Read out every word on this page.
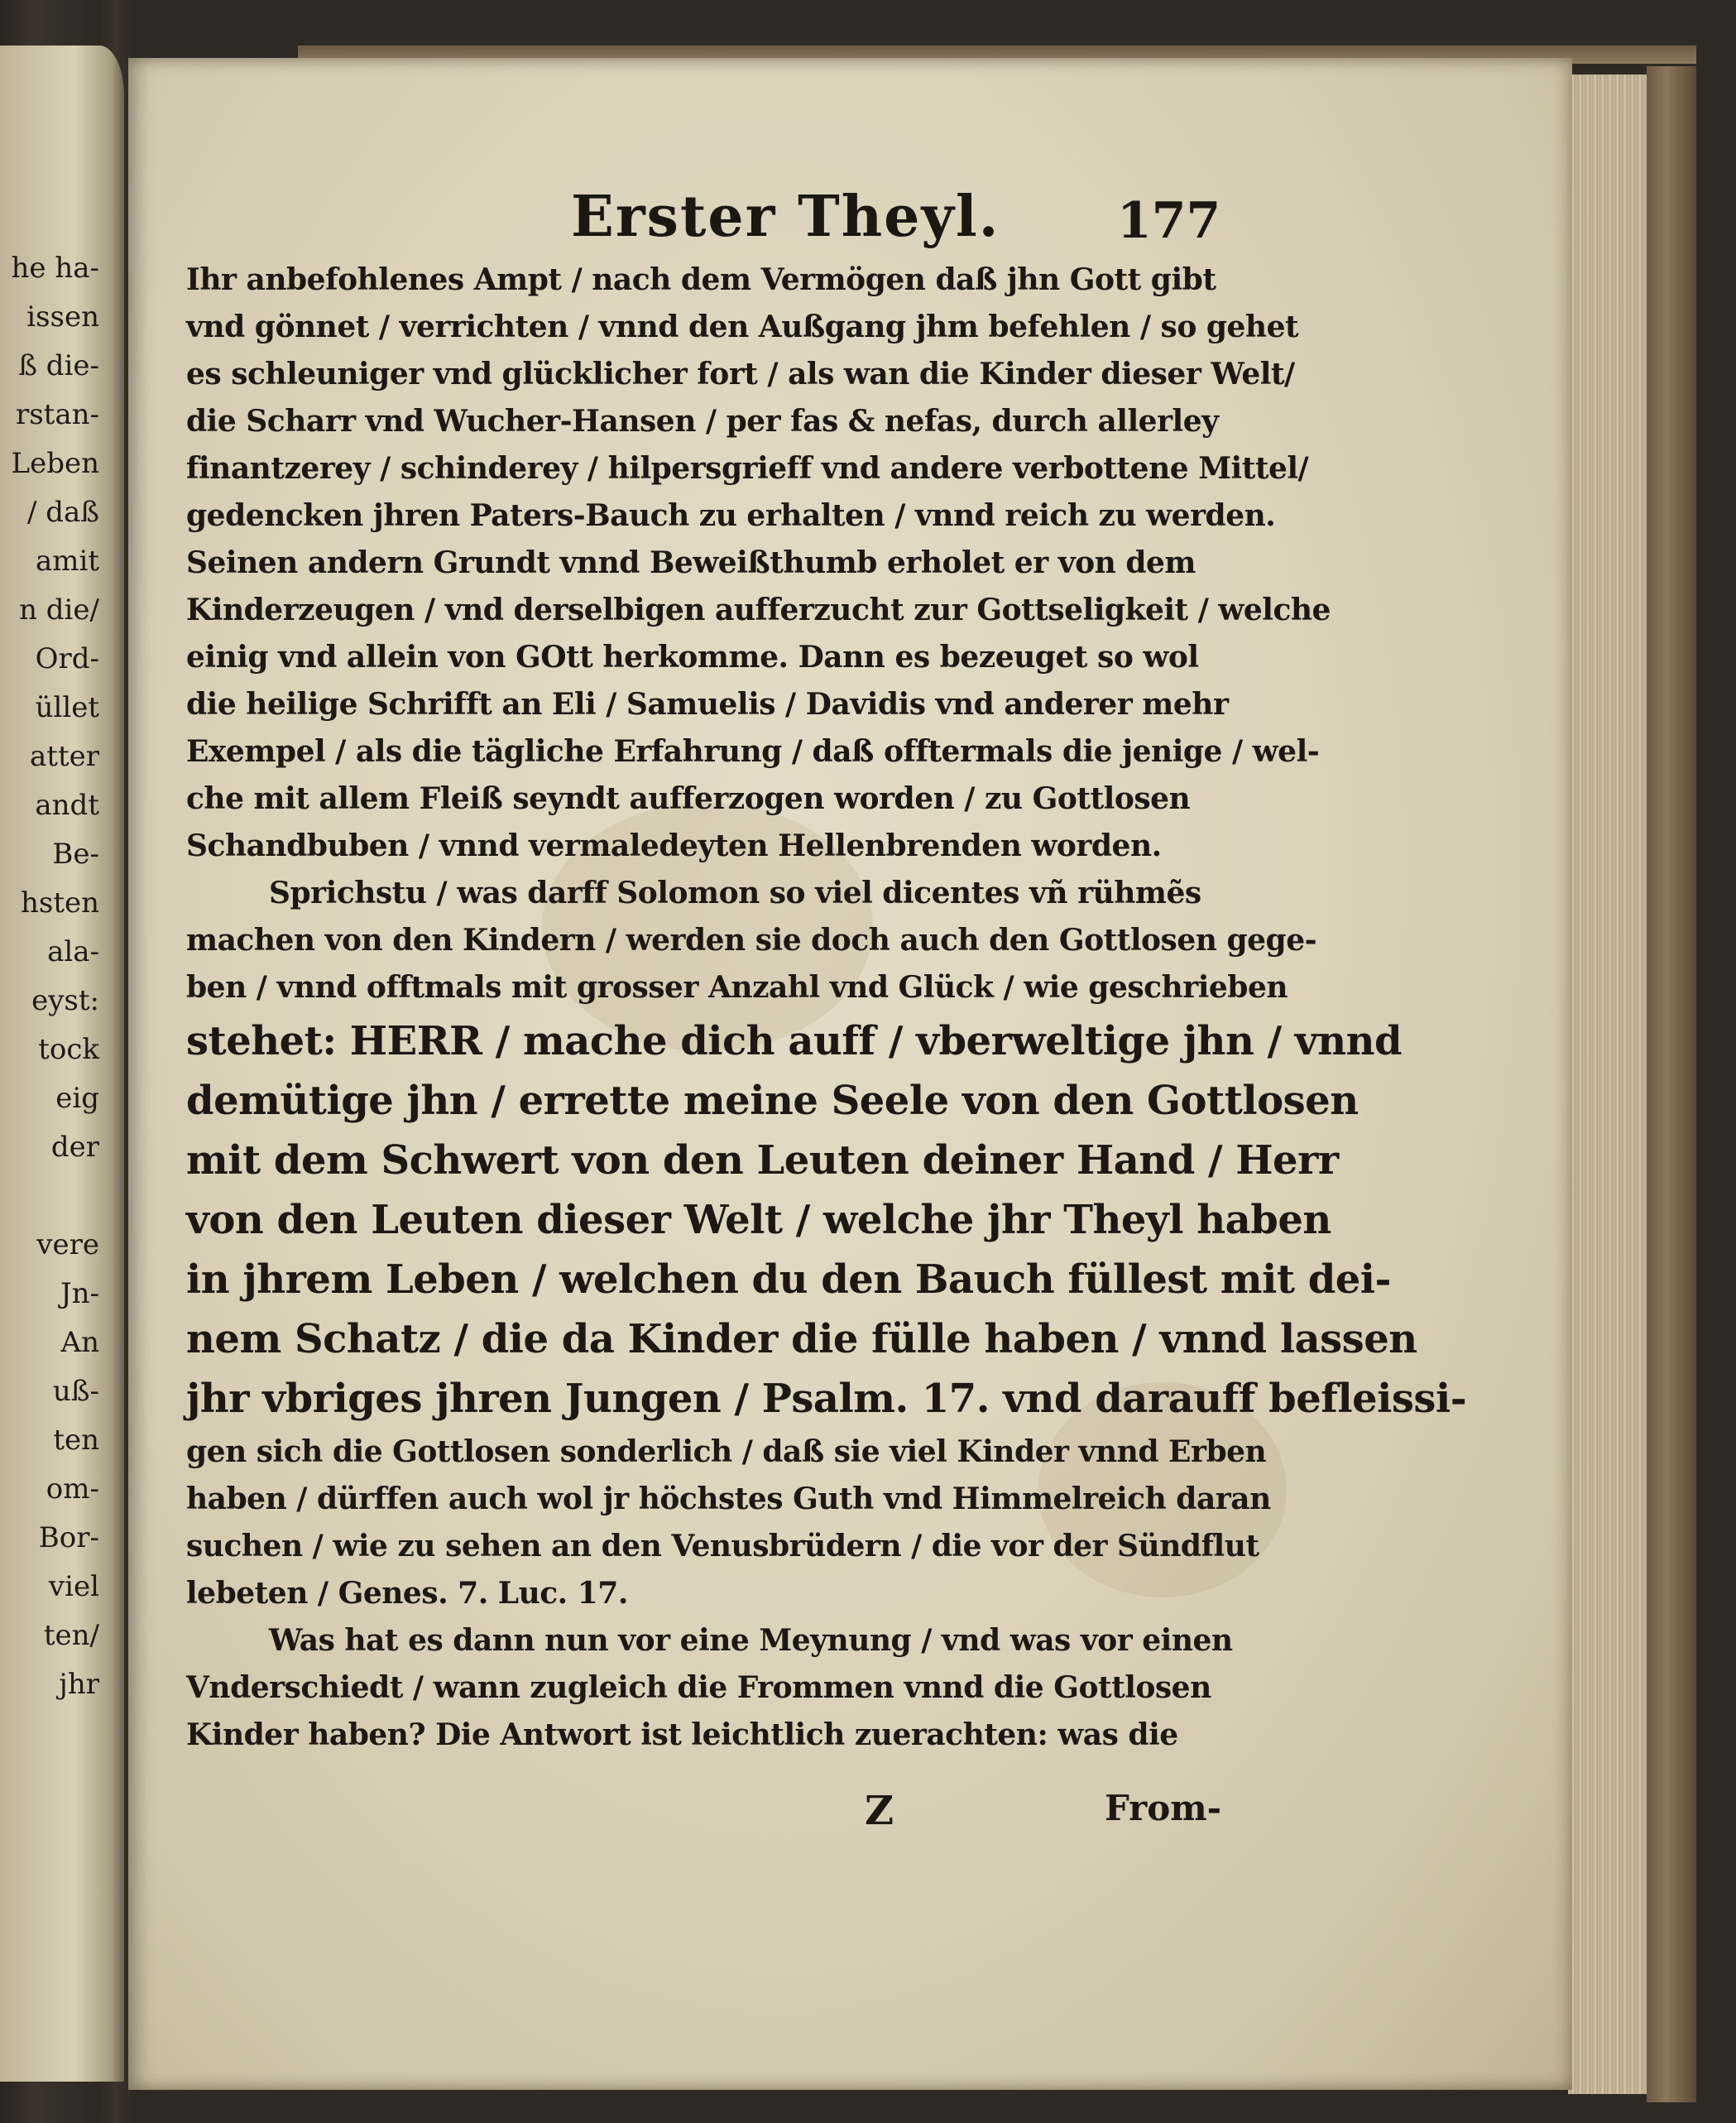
he ha-
issen
ß die-
rstan-
Leben
/ daß
amit
n die/
Ord-
üllet
atter
andt
Be-
hsten
ala-
eyst:
tock
eig
der
vere
Jn-
An
uß-
ten
om-
Bor-
viel
ten/
jhr
Erster Theyl. 177
Ihr anbefohlenes Ampt / nach dem Vermögen daß jhn Gott gibt
vnd gönnet / verrichten / vnnd den Außgang jhm befehlen / so gehet
es schleuniger vnd glücklicher fort / als wan die Kinder dieser Welt/
die Scharr vnd Wucher-Hansen / per fas & nefas, durch allerley
finantzerey / schinderey / hilpersgrieff vnd andere verbottene Mittel/
gedencken jhren Paters-Bauch zu erhalten / vnnd reich zu werden.
Seinen andern Grundt vnnd Beweißthumb erholet er von dem
Kinderzeugen / vnd derselbigen aufferzucht zur Gottseligkeit / welche
einig vnd allein von GOtt herkomme. Dann es bezeuget so wol
die heilige Schrifft an Eli / Samuelis / Davidis vnd anderer mehr
Exempel / als die tägliche Erfahrung / daß offtermals die jenige / wel-
che mit allem Fleiß seyndt aufferzogen worden / zu Gottlosen
Schandbuben / vnnd vermaledeyten Hellenbrenden worden.
Sprichstu / was darff Solomon so viel dicentes vñ rühmẽs
machen von den Kindern / werden sie doch auch den Gottlosen gege-
ben / vnnd offtmals mit grosser Anzahl vnd Glück / wie geschrieben
stehet: HERR / mache dich auff / vberweltige jhn / vnnd
demütige jhn / errette meine Seele von den Gottlosen
mit dem Schwert von den Leuten deiner Hand / Herr
von den Leuten dieser Welt / welche jhr Theyl haben
in jhrem Leben / welchen du den Bauch füllest mit dei-
nem Schatz / die da Kinder die fülle haben / vnnd lassen
jhr vbriges jhren Jungen / Psalm. 17. vnd darauff befleissi-
gen sich die Gottlosen sonderlich / daß sie viel Kinder vnnd Erben
haben / dürffen auch wol jr höchstes Guth vnd Himmelreich daran
suchen / wie zu sehen an den Venusbrüdern / die vor der Sündflut
lebeten / Genes. 7. Luc. 17.
Was hat es dann nun vor eine Meynung / vnd was vor einen
Vnderschiedt / wann zugleich die Frommen vnnd die Gottlosen
Kinder haben? Die Antwort ist leichtlich zuerachten: was die
Z	From-
